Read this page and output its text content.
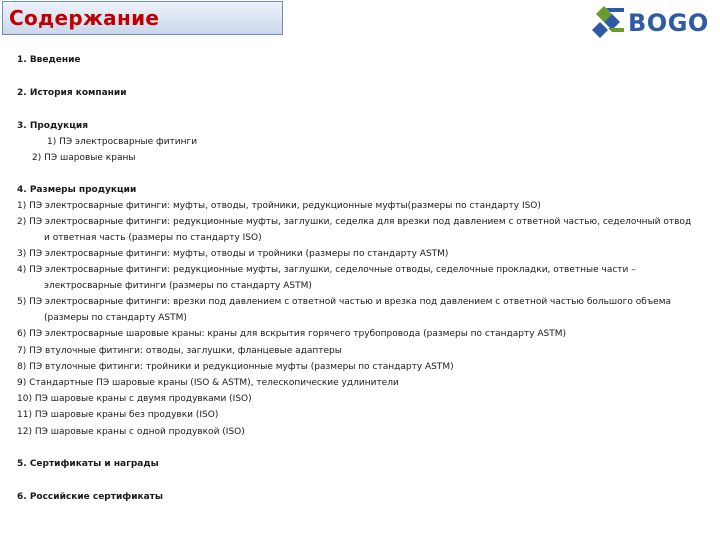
Содержание	BOGO
1. Введение
2. История компании
3. Продукция
1) ПЭ электросварные фитинги
2) ПЭ шаровые краны
4. Размеры продукции
1) ПЭ электросварные фитинги: муфты, отводы, тройники, редукционные муфты(размеры по стандарту ISO)
2) ПЭ электросварные фитинги: редукционные муфты, заглушки, седелка для врезки под давлением с ответной частью, седелочный отвод
и ответная часть (размеры по стандарту ISO)
3) ПЭ электросварные фитинги: муфты, отводы и тройники (размеры по стандарту ASTM)
4) ПЭ электросварные фитинги: редукционные муфты, заглушки, седелочные отводы, седелочные прокладки, ответные части –
электросварные фитинги (размеры по стандарту ASTM)
5) ПЭ электросварные фитинги: врезки под давлением с ответной частью и врезка под давлением с ответной частью большого объема
(размеры по стандарту ASTM)
6) ПЭ электросварные шаровые краны: краны для вскрытия горячего трубопровода (размеры по стандарту ASTM)
7) ПЭ втулочные фитинги: отводы, заглушки, фланцевые адаптеры
8) ПЭ втулочные фитинги: тройники и редукционные муфты (размеры по стандарту ASTM)
9) Стандартные ПЭ шаровые краны (ISO & ASTM), телескопические удлинители
10) ПЭ шаровые краны с двумя продувками (ISO)
11) ПЭ шаровые краны без продувки (ISO)
12) ПЭ шаровые краны с одной продувкой (ISO)
5. Сертификаты и награды
6. Российские сертификаты
